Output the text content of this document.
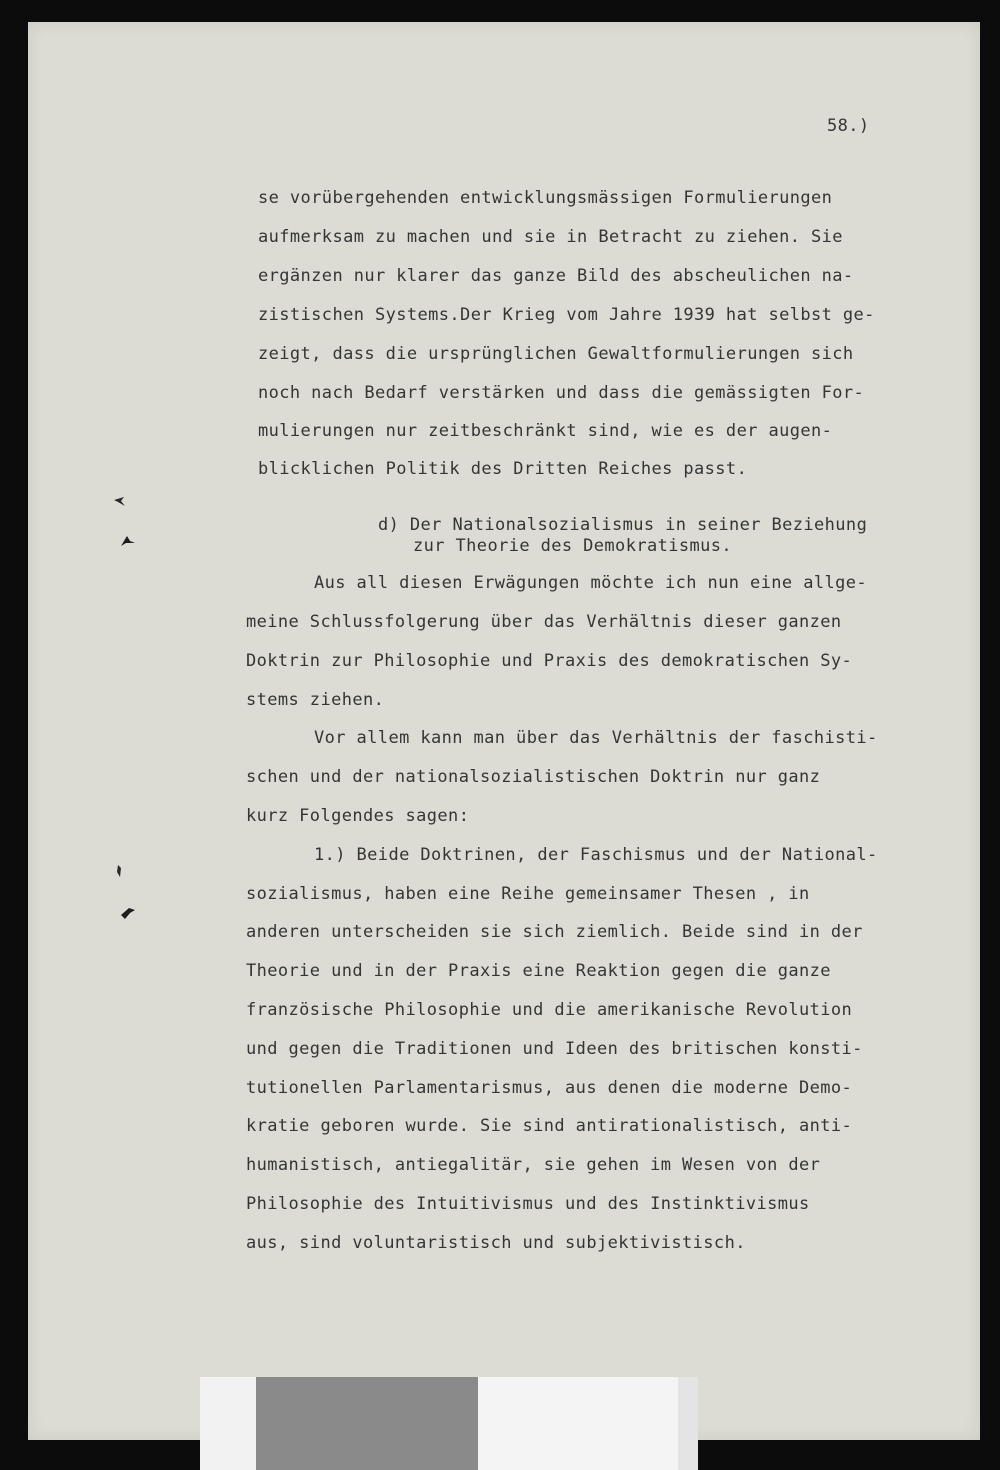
58.)
se vorübergehenden entwicklungsmässigen Formulierungen
aufmerksam zu machen und sie in Betracht zu ziehen. Sie
ergänzen nur klarer das ganze Bild des abscheulichen na-
zistischen Systems.Der Krieg vom Jahre 1939 hat selbst ge-
zeigt, dass die ursprünglichen Gewaltformulierungen sich
noch nach Bedarf verstärken und dass die gemässigten For-
mulierungen nur zeitbeschränkt sind, wie es der augen-
blicklichen Politik des Dritten Reiches passt.
d) Der Nationalsozialismus in seiner Beziehung
zur Theorie des Demokratismus.
Aus all diesen Erwägungen möchte ich nun eine allge-
meine Schlussfolgerung über das Verhältnis dieser ganzen
Doktrin zur Philosophie und Praxis des demokratischen Sy-
stems ziehen.
Vor allem kann man über das Verhältnis der faschisti-
schen und der nationalsozialistischen Doktrin nur ganz
kurz Folgendes sagen:
1.) Beide Doktrinen, der Faschismus und der National-
sozialismus, haben eine Reihe gemeinsamer Thesen , in
anderen unterscheiden sie sich ziemlich. Beide sind in der
Theorie und in der Praxis eine Reaktion gegen die ganze
französische Philosophie und die amerikanische Revolution
und gegen die Traditionen und Ideen des britischen konsti-
tutionellen Parlamentarismus, aus denen die moderne Demo-
kratie geboren wurde. Sie sind antirationalistisch, anti-
humanistisch, antiegalitär, sie gehen im Wesen von der
Philosophie des Intuitivismus und des Instinktivismus
aus, sind voluntaristisch und subjektivistisch.
